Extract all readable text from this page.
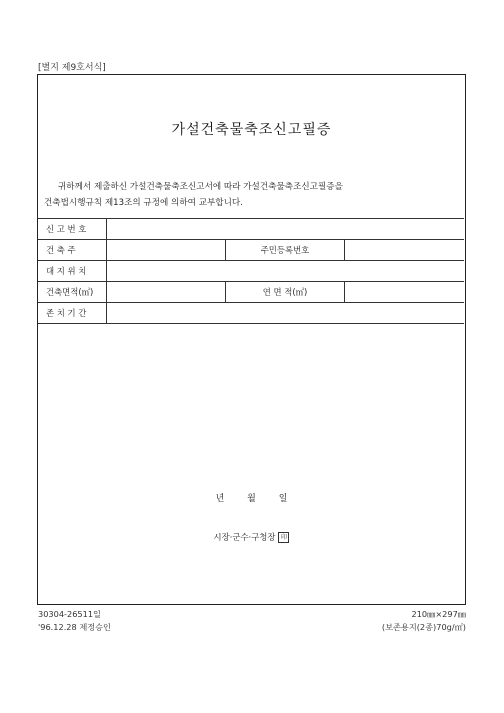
[별지 제9호서식]
가설건축물축조신고필증
귀하께서 제출하신 가설건축물축조신고서에 따라 가설건축물축조신고필증을
건축법시행규칙 제13조의 규정에 의하여 교부합니다.
신 고 번 호			
건 축 주		주민등록번호	
대 지 위 치			
건축면적(㎡)		연 면 적(㎡)	
존 치 기 간			
년	월	일
시장·군수·구청장 印
30304-26511일
'96.12.28 제정승인
210㎜×297㎜
(보존용지(2종)70g/㎡)
